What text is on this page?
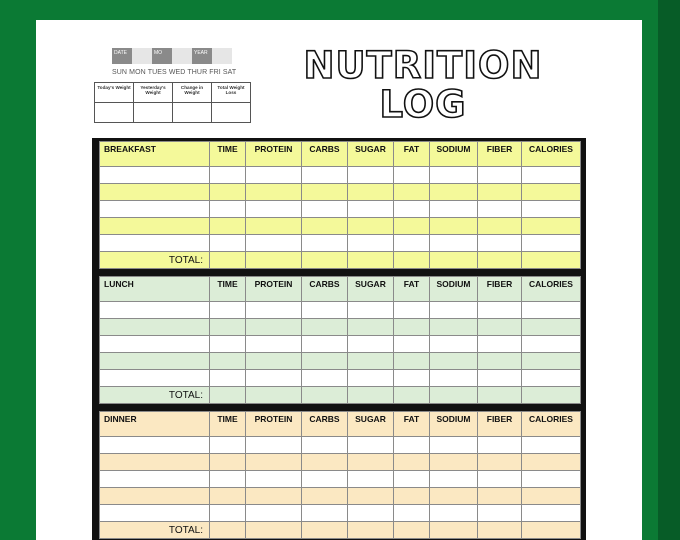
DATE	MO	YEAR
SUN MON TUES WED THUR FRI SAT
Today's Weight	Yesterday's Weight	Change in Weight	Total Weight Loss

NUTRITION
LOG
BREAKFAST	TIME	PROTEIN	CARBS	SUGAR	FAT	SODIUM	FIBER	CALORIES

TOTAL:								
LUNCH	TIME	PROTEIN	CARBS	SUGAR	FAT	SODIUM	FIBER	CALORIES

TOTAL:								
DINNER	TIME	PROTEIN	CARBS	SUGAR	FAT	SODIUM	FIBER	CALORIES

TOTAL:								
